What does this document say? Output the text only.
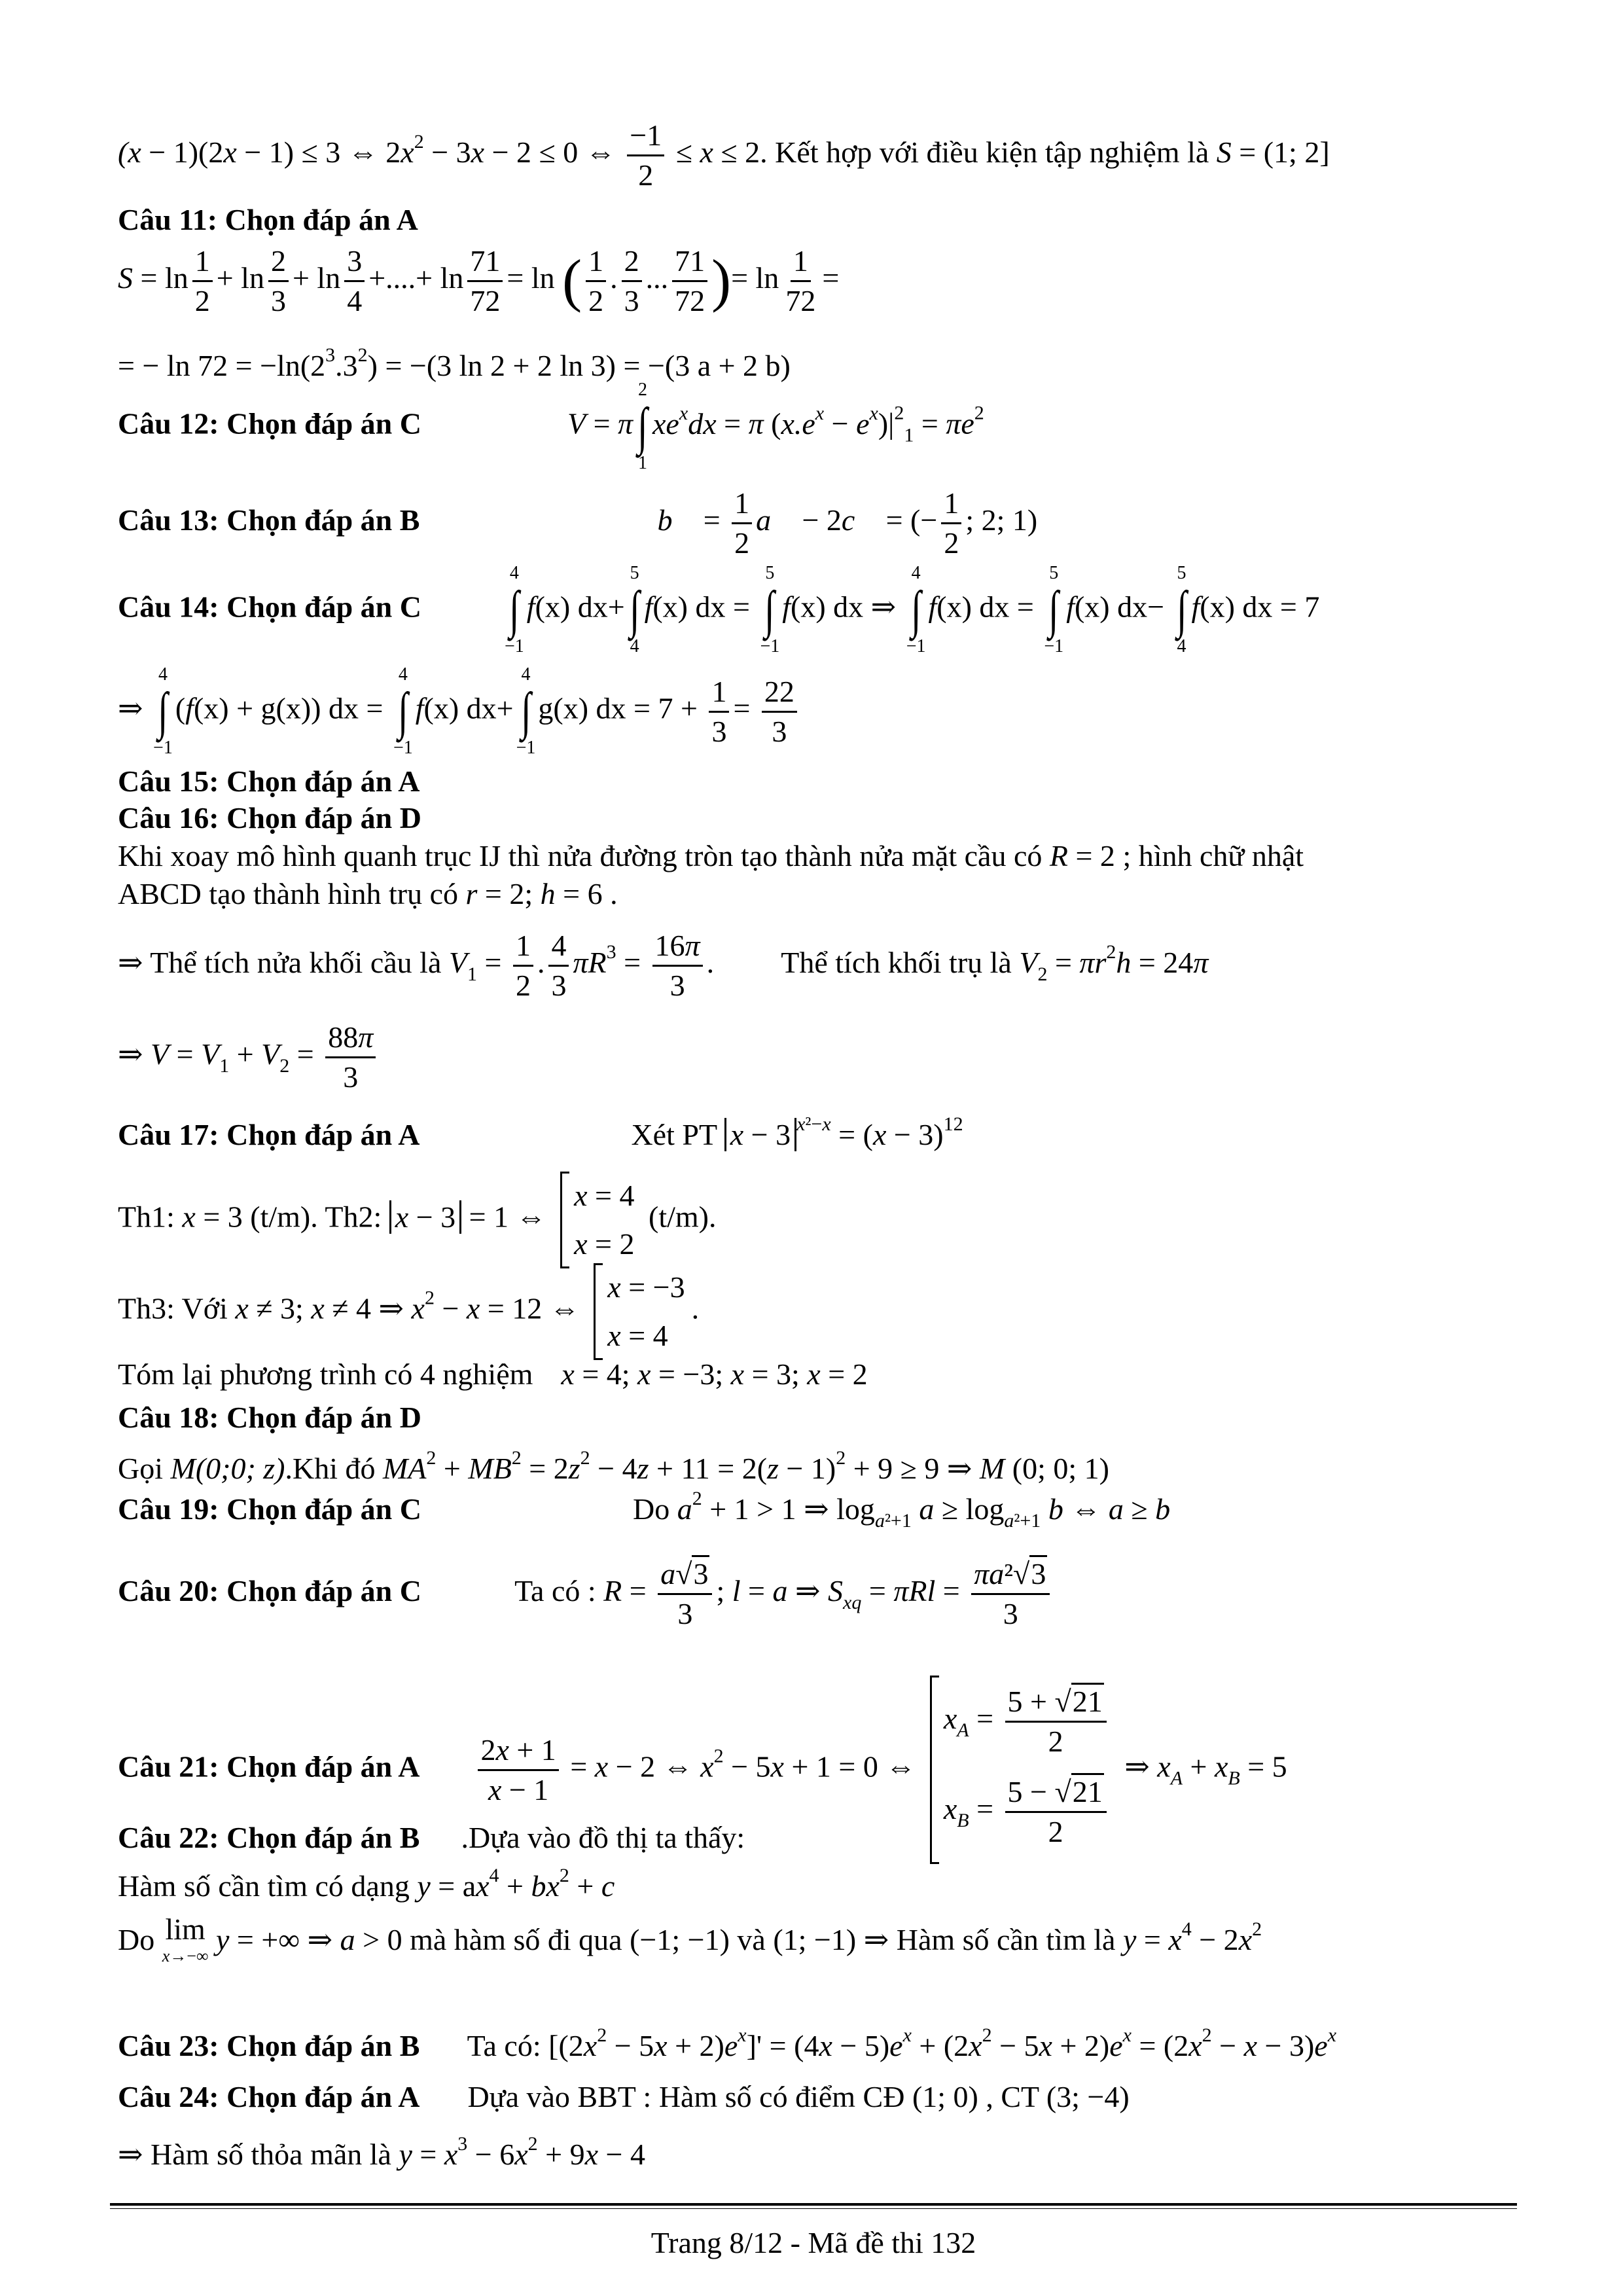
(x − 1)(2x − 1) ≤ 3 ⇔ $2x^2 - 3x - 2 \le 0$ ⇔ $\frac{-1}{2} \le x \le 2$. Kết hợp với điều kiện tập nghiệm là S = (1; 2]
Câu 11: Chọn đáp án A
$S = \ln \frac{1}{2} + \ln \frac{2}{3} + \ln \frac{3}{4}$ +....+ $\ln \frac{71}{72} = \ln$ ( $\frac{1}{2}$ . $\frac{2}{3}$ ... $\frac{71}{72}$ )= $\ln \frac{1}{72}$ =
= − $\ln 72 = -\ln(2^3.3^2) = -(3$ ln 2 + 2 ln 3) = −(3 a + 2 b)
Câu 12: Chọn đáp án C	V = π
2
∫
1
$xe^xdx = \pi$ $(x.e^x - e^x)|^2_1 = \pi e^2$
Câu 13: Chọn đáp án B	b⃗ = $\frac{1}{2}$ a⃗ − 2c⃗ = (− $\frac{1}{2}$ ; 2; 1)
Câu 14: Chọn đáp án C
4
∫
−1
f(x) dx+
5
∫
4
f(x) dx =
5
∫
−1
f(x) dx ⇒
4
∫
−1
f(x) dx =
5
∫
−1
f(x) dx−
5
∫
4
f(x) dx = 7
⇒
4
∫
−1
(f(x) + g(x)) dx =
4
∫
−1
f(x) dx+
4
∫
−1
g(x) dx = $7 + \frac{1}{3} = \frac{22}{3}$
Câu 15: Chọn đáp án A
Câu 16: Chọn đáp án D
Khi xoay mô hình quanh trục IJ thì nửa đường tròn tạo thành nửa mặt cầu có R = 2 ; hình chữ nhật
ABCD tạo thành hình trụ có r = 2; h = 6 .
⇒ Thể tích nửa khối cầu là $V_1 = \frac{1}{2}$ . $\frac{4}{3} \pi R^3 = \frac{16\pi}{3}$ .  Thể tích khối trụ là $V_2 = \pi r^2h = 24\pi$
⇒ $V = V_1 + V_2 = \frac{88\pi}{3}$
Câu 17: Chọn đáp án A	Xét PT x − 3 $^{x^2-x} = (x - 3)^{12}$
Th1: x = 3 (t/m). Th2: x − 3 = 1 ⇔
x = 4
x = 2
(t/m).
Th3: Với x ≠ 3; x ≠ 4 ⇒ $x^2 - x = 12$ ⇔
x = −3
x = 4
.
Tóm lại phương trình có 4 nghiệm x = 4; x = −3; x = 3; x = 2
Câu 18: Chọn đáp án D
Gọi M(0;0; z).Khi đó $MA^2 + MB^2 = 2z^2 - 4z + 11 = 2(z - 1)^2 + 9 \ge 9$ ⇒ M (0; 0; 1)
Câu 19: Chọn đáp án C	Do $a^2 + 1 > 1$ ⇒ $\log_{a^2+1} a \ge \log_{a^2+1} b$ ⇔ a ≥ b
Câu 20: Chọn đáp án C	Ta có : $R = \frac{a√3}{3}$ ; l = a ⇒ $S_{xq} = \pi Rl = \frac{\text{πa²√3}}{3}$
Câu 21: Chọn đáp án A $\frac{2x + 1}{x - 1} = x - 2$ ⇔ $x^2 - 5x + 1 = 0$ ⇔
$x_A = \frac{5 + √21}{2}$
$x_B = \frac{5 - √21}{2}$
⇒ $x_A + x_B = 5$
Câu 22: Chọn đáp án B .Dựa vào đồ thị ta thấy:
Hàm số cần tìm có dạng $y = ax^4 + bx^2 + c$
Do lim
x→−∞ y = +∞ ⇒ a > 0 mà hàm số đi qua (−1; −1) và (1; −1) ⇒ Hàm số cần tìm là $y = x^4 - 2x^2$
Câu 23: Chọn đáp án B Ta có: $[(2x^2 - 5x + 2)e^x]' = (4x - 5)e^x + (2x^2 - 5x + 2)e^x = (2x^2 - x - 3)e^x$
Câu 24: Chọn đáp án A Dựa vào BBT : Hàm số có điểm CĐ (1; 0) , CT (3; −4)
⇒ Hàm số thỏa mãn là $y = x^3 - 6x^2 + 9x - 4$
Trang 8/12 - Mã đề thi 132
